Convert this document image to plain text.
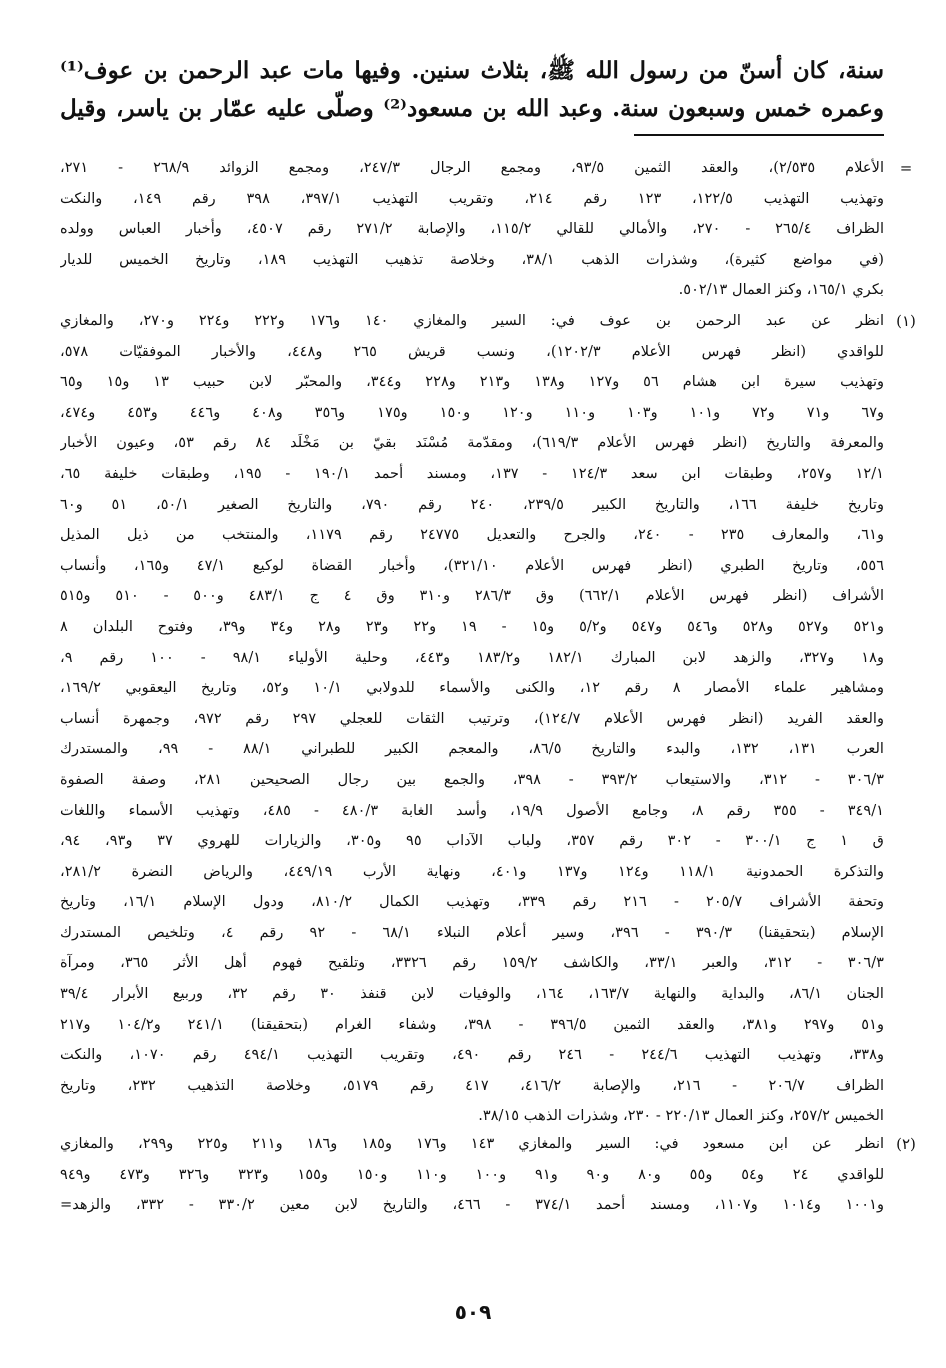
سنة، كان أسنّ من رسول الله ﷺ، بثلاث سنين. وفيها مات عبد الرحمن بن عوف⁽¹⁾
وعمره خمس وسبعون سنة. وعبد الله بن مسعود⁽²⁾ وصلّى عليه عمّار بن ياسر، وقيل
=
الأعلام ٢/٥٣٥)، والعقد الثمين ٩٣/٥، ومجمع الرجال ٢٤٧/٣، ومجمع الزوائد ٢٦٨/٩ - ٢٧١،
وتهذيب التهذيب ١٢٢/٥، ١٢٣ رقم ٢١٤، وتقريب التهذيب ٣٩٧/١، ٣٩٨ رقم ١٤٩، والنكت
الظراف ٢٦٥/٤ - ٢٧٠، والأمالي للقالي ١١٥/٢، والإصابة ٢٧١/٢ رقم ٤٥٠٧، وأخبار العباس وولده
(في مواضع كثيرة)، وشذرات الذهب ٣٨/١، وخلاصة تذهيب التهذيب ١٨٩، وتاريخ الخميس للديار
بكري ١٦٥/١، وكنز العمال ٥٠٢/١٣.
(١)
انظر عن عبد الرحمن بن عوف في: السير والمغازي ١٤٠ و١٧٦ و٢٢٢ و٢٢٤ و٢٧٠، والمغازي
للواقدي (انظر فهرس الأعلام ١٢٠٢/٣)، ونسب قريش ٢٦٥ و٤٤٨، والأخبار الموفقيّات ٥٧٨،
وتهذيب سيرة ابن هشام ٥٦ و١٢٧ و١٣٨ و٢١٣ و٢٢٨ و٣٤٤، والمحبّر لابن حبيب ١٣ و١٥ و٦٥
و٦٧ و٧١ و٧٢ و١٠١ و١٠٣ و١١٠ و١٢٠ و١٥٠ و١٧٥ و٣٥٦ و٤٠٨ و٤٤٦ و٤٥٣ و٤٧٤،
والمعرفة والتاريخ (انظر فهرس الأعلام ٦١٩/٣)، ومقدّمة مُسْنَد بقيّ بن مَخْلَد ٨٤ رقم ٥٣، وعيون الأخبار
١٢/١ و٢٥٧، وطبقات ابن سعد ١٢٤/٣ - ١٣٧، ومسند أحمد ١٩٠/١ - ١٩٥، وطبقات خليفة ٦٥،
وتاريخ خليفة ١٦٦، والتاريخ الكبير ٢٣٩/٥، ٢٤٠ رقم ٧٩٠، والتاريخ الصغير ٥٠/١، ٥١ و٦٠
و٦١، والمعارف ٢٣٥ - ٢٤٠، والجرح والتعديل ٢٤٧٧٥ رقم ١١٧٩، والمنتخب من ذيل المذيل
٥٥٦، وتاريخ الطبري (انظر فهرس الأعلام ٣٢١/١٠)، وأخبار القضاة لوكيع ٤٧/١ و١٦٥، وأنساب
الأشراف (انظر فهرس الأعلام ٦٦٢/١) وق ٢٨٦/٣ و٣١٠ وق ٤ ج ٤٨٣/١ و٥٠٠ - ٥١٠ و٥١٥
و٥٢١ و٥٢٧ و٥٢٨ و٥٤٦ و٥٤٧ و٥/٢ و١٥ - ١٩ و٢٢ و٢٣ و٢٨ و٣٤ و٣٩، وفتوح البلدان ٨
و١٨ و٣٢٧، والزهد لابن المبارك ١٨٢/١ و١٨٣/٢ و٤٤٣، وحلية الأولياء ٩٨/١ - ١٠٠ رقم ٩،
ومشاهير علماء الأمصار ٨ رقم ١٢، والكنى والأسماء للدولابي ١٠/١ و٥٢، وتاريخ اليعقوبي ١٦٩/٢،
والعقد الفريد (انظر فهرس الأعلام ١٢٤/٧)، وترتيب الثقات للعجلي ٢٩٧ رقم ٩٧٢، وجمهرة أنساب
العرب ١٣١، ١٣٢، والبدء والتاريخ ٨٦/٥، والمعجم الكبير للطبراني ٨٨/١ - ٩٩، والمستدرك
٣٠٦/٣ - ٣١٢، والاستيعاب ٣٩٣/٢ - ٣٩٨، والجمع بين رجال الصحيحين ٢٨١، وصفة الصفوة
٣٤٩/١ - ٣٥٥ رقم ٨، وجامع الأصول ١٩/٩، وأسد الغابة ٤٨٠/٣ - ٤٨٥، وتهذيب الأسماء واللغات
ق ١ ج ٣٠٠/١ - ٣٠٢ رقم ٣٥٧، ولباب الآداب ٩٥ و٣٠٥، والزيارات للهروي ٣٧ و٩٣، ٩٤،
والتذكرة الحمدونية ١١٨/١ و١٢٤ و١٣٧ و٤٠١، ونهاية الأرب ٤٤٩/١٩، والرياض النضرة ٢٨١/٢،
وتحفة الأشراف ٢٠٥/٧ - ٢١٦ رقم ٣٣٩، وتهذيب الكمال ٨١٠/٢، ودول الإسلام ١٦/١، وتاريخ
الإسلام (بتحقيقنا) ٣٩٠/٣ - ٣٩٦، وسير أعلام النبلاء ٦٨/١ - ٩٢ رقم ٤، وتلخيص المستدرك
٣٠٦/٣ - ٣١٢، والعبر ٣٣/١، والكاشف ١٥٩/٢ رقم ٣٣٢٦، وتلقيح فهوم أهل الأثر ٣٦٥، ومرآة
الجنان ٨٦/١، والبداية والنهاية ١٦٣/٧، ١٦٤، والوفيات لابن قنفذ ٣٠ رقم ٣٢، وربيع الأبرار ٣٩/٤
و٥١ و٢٩٧ و٣٨١، والعقد الثمين ٣٩٦/٥ - ٣٩٨، وشفاء الغرام (بتحقيقنا) ٢٤١/١ و١٠٤/٢ و٢١٧
و٣٣٨، وتهذيب التهذيب ٢٤٤/٦ - ٢٤٦ رقم ٤٩٠، وتقريب التهذيب ٤٩٤/١ رقم ١٠٧٠، والنكت
الظراف ٢٠٦/٧ - ٢١٦، والإصابة ٤١٦/٢، ٤١٧ رقم ٥١٧٩، وخلاصة التذهيب ٢٣٢، وتاريخ
الخميس ٢٥٧/٢، وكنز العمال ٢٢٠/١٣ - ٢٣٠، وشذرات الذهب ٣٨/١٥.
(٢)
انظر عن ابن مسعود في: السير والمغازي ١٤٣ و١٧٦ و١٨٥ و١٨٦ و٢١١ و٢٢٥ و٢٩٩، والمغازي
للواقدي ٢٤ و٥٤ و٥٥ و٨٠ و٩٠ و٩١ و١٠٠ و١١٠ و١٥٠ و١٥٥ و٣٢٣ و٣٢٦ و٤٧٣ و٩٤٩
و١٠٠١ و١٠١٤ و١١٠٧، ومسند أحمد ٣٧٤/١ - ٤٦٦، والتاريخ لابن معين ٣٣٠/٢ - ٣٣٢، والزهد=
٥٠٩
